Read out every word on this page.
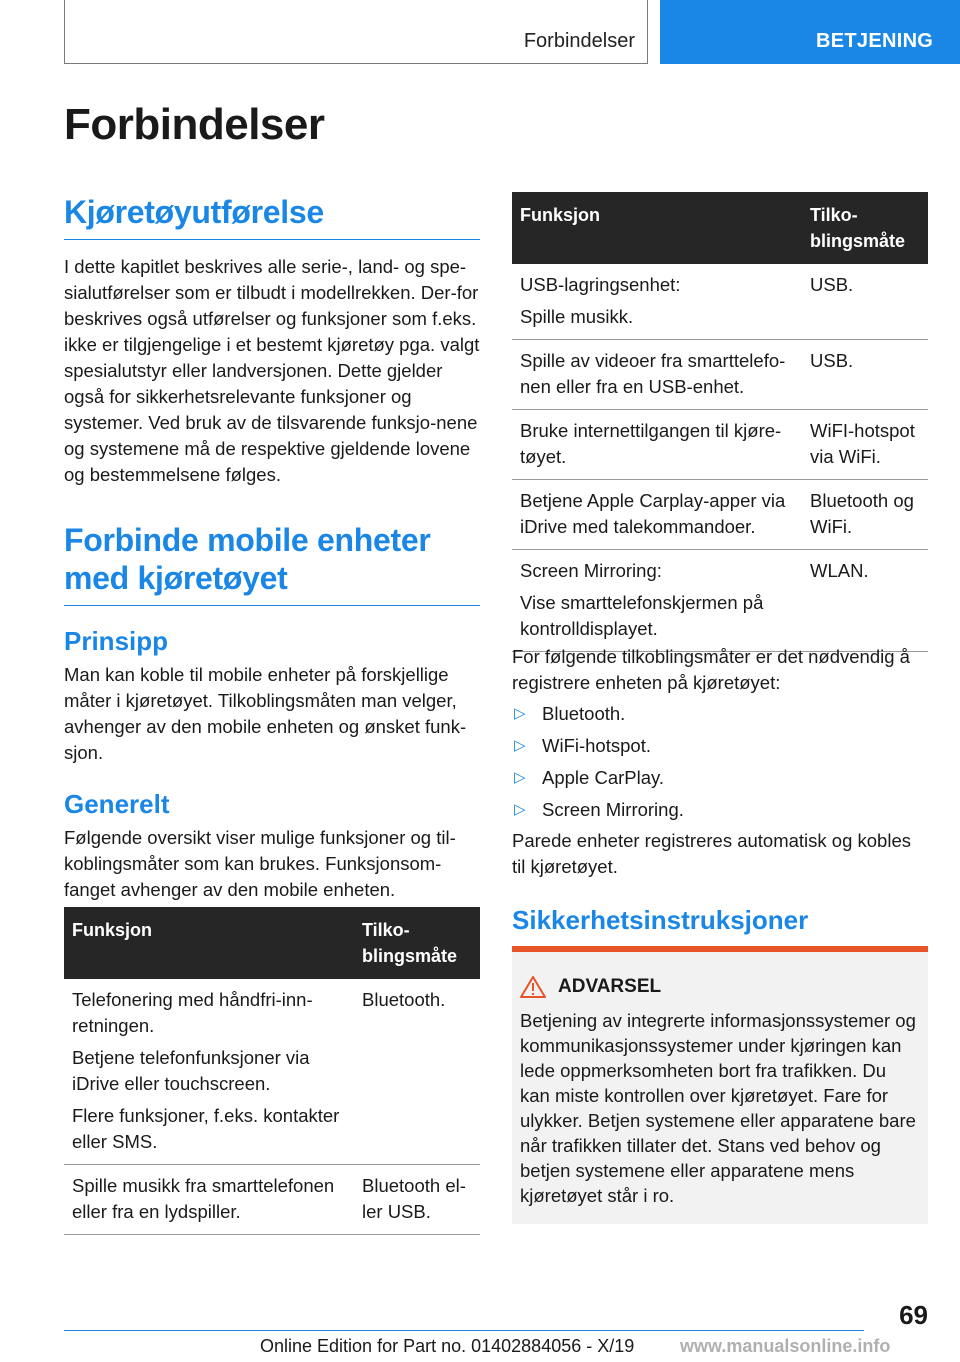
Forbindelser	BETJENING
Forbindelser
Kjøretøyutførelse
I dette kapitlet beskrives alle serie-, land- og spe-sialutførelser som er tilbudt i modellrekken. Der-for beskrives også utførelser og funksjoner som f.eks. ikke er tilgjengelige i et bestemt kjøretøy pga. valgt spesialutstyr eller landversjonen. Dette gjelder også for sikkerhetsrelevante funksjoner og systemer. Ved bruk av de tilsvarende funksjo-nene og systemene må de respektive gjeldende lovene og bestemmelsene følges.
Forbinde mobile enheter med kjøretøyet
Prinsipp
Man kan koble til mobile enheter på forskjellige måter i kjøretøyet. Tilkoblingsmåten man velger, avhenger av den mobile enheten og ønsket funk-sjon.
Generelt
Følgende oversikt viser mulige funksjoner og til-koblingsmåter som kan brukes. Funksjonsom-fanget avhenger av den mobile enheten.
Funksjon	Tilko-blingsmåte

Telefonering med håndfri-inn-retningen.

Betjene telefonfunksjoner via iDrive eller touchscreen.

Flere funksjoner, f.eks. kontakter eller SMS.	Bluetooth.

Spille musikk fra smarttelefonen eller fra en lydspiller.	Bluetooth el-ler USB.
Funksjon	Tilko-blingsmåte

USB-lagringsenhet:

Spille musikk.	USB.

Spille av videoer fra smarttelefo-nen eller fra en USB-enhet.	USB.

Bruke internettilgangen til kjøre-tøyet.	WiFI-hotspot via WiFi.

Betjene Apple Carplay-apper via iDrive med talekommandoer.	Bluetooth og WiFi.

Screen Mirroring:

Vise smarttelefonskjermen på kontrolldisplayet.	WLAN.
For følgende tilkoblingsmåter er det nødvendig å registrere enheten på kjøretøyet:
▷ Bluetooth.
▷ WiFi-hotspot.
▷ Apple CarPlay.
▷ Screen Mirroring.
Parede enheter registreres automatisk og kobles til kjøretøyet.
Sikkerhetsinstruksjoner
ADVARSEL
Betjening av integrerte informasjonssystemer og kommunikasjonssystemer under kjøringen kan lede oppmerksomheten bort fra trafikken. Du kan miste kontrollen over kjøretøyet. Fare for ulykker. Betjen systemene eller apparatene bare når trafikken tillater det. Stans ved behov og betjen systemene eller apparatene mens kjøretøyet står i ro.
69
Online Edition for Part no. 01402884056 - X/19	www.manualsonline.info
